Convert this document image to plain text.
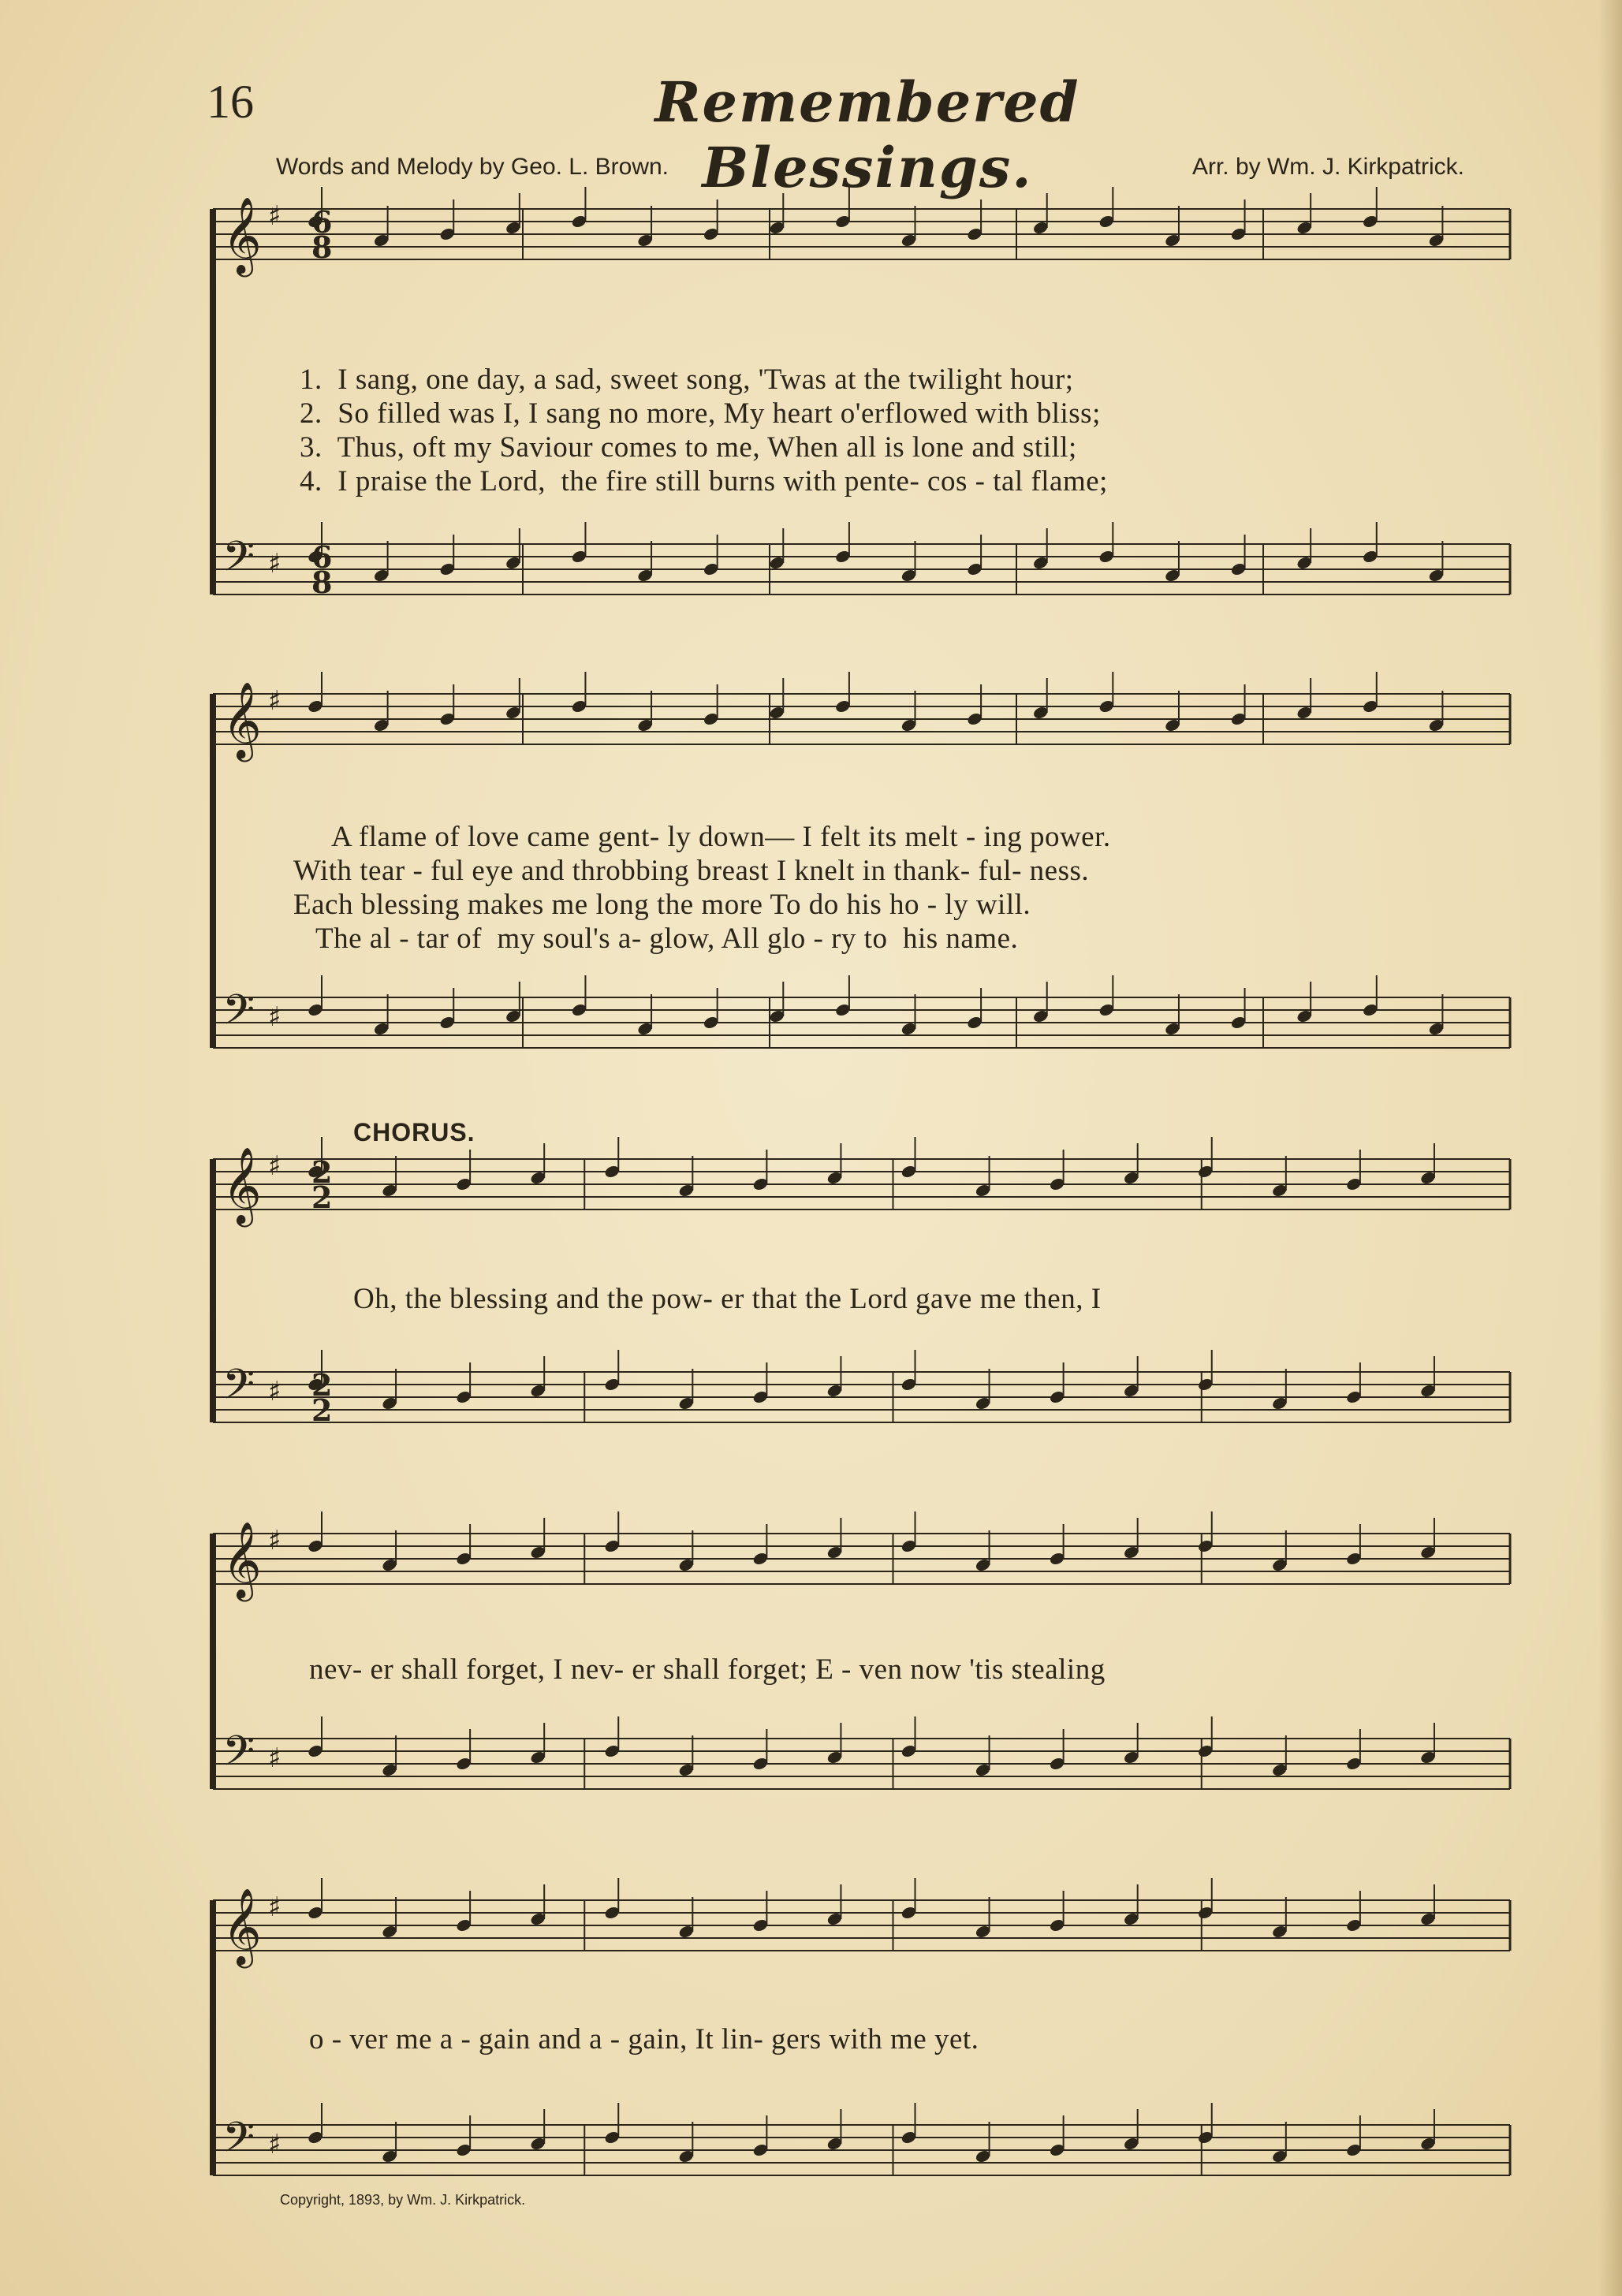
16	Remembered Blessings.
Words and Melody by Geo. L. Brown.	Arr. by Wm. J. Kirkpatrick.
𝄞
𝄢
♯
♯
𝄞
𝄢
♯
♯
𝄞
𝄢
♯
♯
𝄞
𝄢
♯
♯
𝄞
𝄢
♯
♯
6
8
6
8
2
2
2
2
1.  I sang, one day, a sad, sweet song, 'Twas at the twilight hour;
2.  So filled was I, I sang no more, My heart o'erflowed with bliss;
3.  Thus, oft my Saviour comes to me, When all is lone and still;
4.  I praise the Lord,  the fire still burns with pente- cos - tal flame;
A flame of love came gent- ly down— I felt its melt - ing power.
With tear - ful eye and throbbing breast I knelt in thank- ful- ness.
Each blessing makes me long the more To do his ho - ly will.
The al - tar of  my soul's a- glow, All glo - ry to  his name.
CHORUS.
Oh, the blessing and the pow- er that the Lord gave me then, I
nev- er shall forget, I nev- er shall forget; E - ven now 'tis stealing
o - ver me a - gain and a - gain, It lin- gers with me yet.
Copyright, 1893, by Wm. J. Kirkpatrick.
